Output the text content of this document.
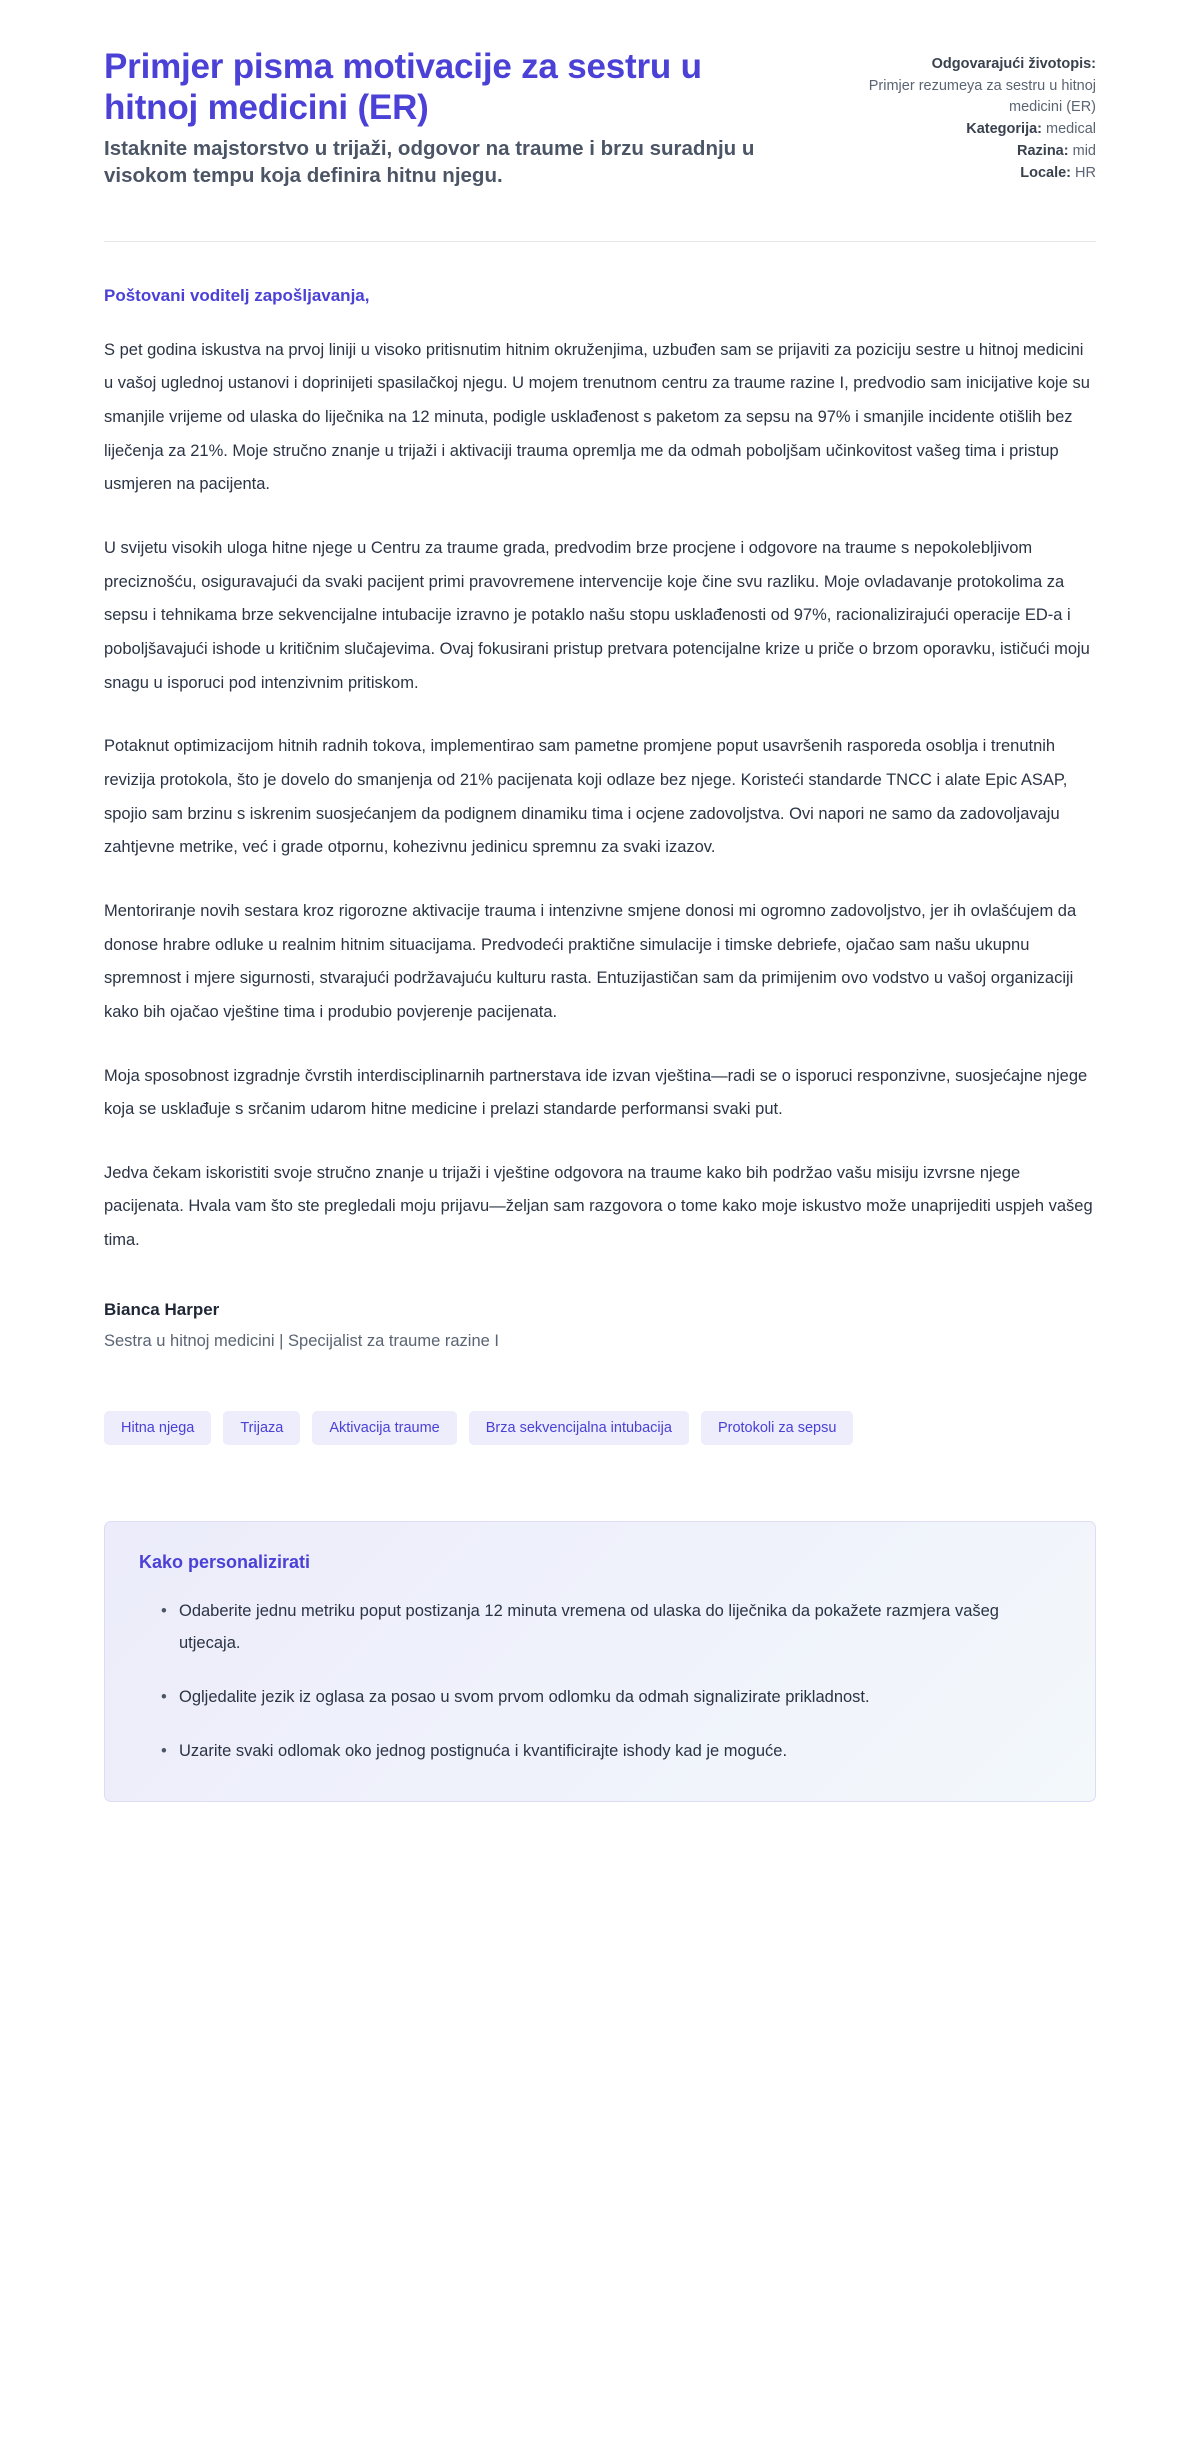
Primjer pisma motivacije za sestru u hitnoj medicini (ER)

Istaknite majstorstvo u trijaži, odgovor na traume i brzu suradnju u visokom tempu koja definira hitnu njegu.

Odgovarajući životopis:
Primjer rezumeya za sestru u hitnoj medicini (ER)
Kategorija: medical
Razina: mid
Locale: HR

Poštovani voditelj zapošljavanja,

S pet godina iskustva na prvoj liniji u visoko pritisnutim hitnim okruženjima, uzbuđen sam se prijaviti za poziciju sestre u hitnoj medicini u vašoj uglednoj ustanovi i doprinijeti spasilačkoj njegu. U mojem trenutnom centru za traume razine I, predvodio sam inicijative koje su smanjile vrijeme od ulaska do liječnika na 12 minuta, podigle usklađenost s paketom za sepsu na 97% i smanjile incidente otišlih bez liječenja za 21%. Moje stručno znanje u trijaži i aktivaciji trauma opremlja me da odmah poboljšam učinkovitost vašeg tima i pristup usmjeren na pacijenta.

U svijetu visokih uloga hitne njege u Centru za traume grada, predvodim brze procjene i odgovore na traume s nepokolebljivom preciznošću, osiguravajući da svaki pacijent primi pravovremene intervencije koje čine svu razliku. Moje ovladavanje protokolima za sepsu i tehnikama brze sekvencijalne intubacije izravno je potaklo našu stopu usklađenosti od 97%, racionalizirajući operacije ED-a i poboljšavajući ishode u kritičnim slučajevima. Ovaj fokusirani pristup pretvara potencijalne krize u priče o brzom oporavku, ističući moju snagu u isporuci pod intenzivnim pritiskom.

Potaknut optimizacijom hitnih radnih tokova, implementirao sam pametne promjene poput usavršenih rasporeda osoblja i trenutnih revizija protokola, što je dovelo do smanjenja od 21% pacijenata koji odlaze bez njege. Koristeći standarde TNCC i alate Epic ASAP, spojio sam brzinu s iskrenim suosjećanjem da podignem dinamiku tima i ocjene zadovoljstva. Ovi napori ne samo da zadovoljavaju zahtjevne metrike, već i grade otpornu, kohezivnu jedinicu spremnu za svaki izazov.

Mentoriranje novih sestara kroz rigorozne aktivacije trauma i intenzivne smjene donosi mi ogromno zadovoljstvo, jer ih ovlašćujem da donose hrabre odluke u realnim hitnim situacijama. Predvodeći praktične simulacije i timske debriefe, ojačao sam našu ukupnu spremnost i mjere sigurnosti, stvarajući podržavajuću kulturu rasta. Entuzijastičan sam da primijenim ovo vodstvo u vašoj organizaciji kako bih ojačao vještine tima i produbio povjerenje pacijenata.

Moja sposobnost izgradnje čvrstih interdisciplinarnih partnerstava ide izvan vještina—radi se o isporuci responzivne, suosjećajne njege koja se usklađuje s srčanim udarom hitne medicine i prelazi standarde performansi svaki put.

Jedva čekam iskoristiti svoje stručno znanje u trijaži i vještine odgovora na traume kako bih podržao vašu misiju izvrsne njege pacijenata. Hvala vam što ste pregledali moju prijavu—željan sam razgovora o tome kako moje iskustvo može unaprijediti uspjeh vašeg tima.

Bianca Harper

Sestra u hitnoj medicini | Specijalist za traume razine I

Hitna njega	Trijaza	Aktivacija traume	Brza sekvencijalna intubacija	Protokoli za sepsu
Kako personalizirati
• Odaberite jednu metriku poput postizanja 12 minuta vremena od ulaska do liječnika da pokažete razmjera vašeg utjecaja.
• Ogljedalite jezik iz oglasa za posao u svom prvom odlomku da odmah signalizirate prikladnost.
• Uzarite svaki odlomak oko jednog postignuća i kvantificirajte ishody kad je moguće.
